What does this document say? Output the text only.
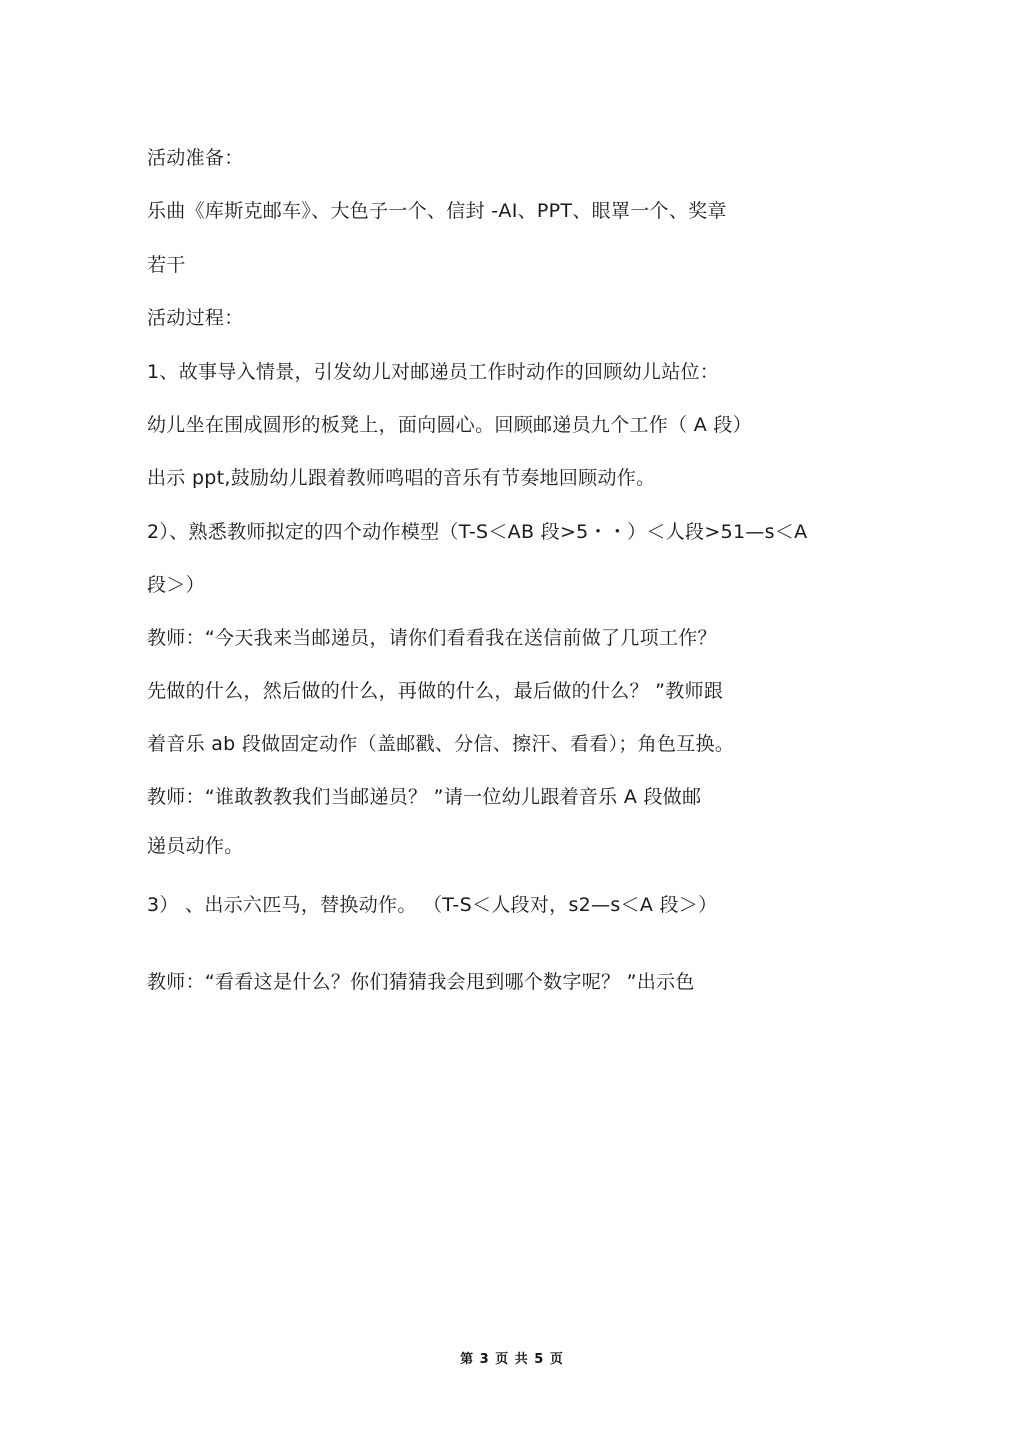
活动准备：
乐曲《库斯克邮车》、大色子一个、信封 -AI、PPT、眼罩一个、奖章
若干
活动过程：
1、故事导入情景，引发幼儿对邮递员工作时动作的回顾幼儿站位：
幼儿坐在围成圆形的板凳上，面向圆心。回顾邮递员九个工作（ A 段）
出示 ppt,鼓励幼儿跟着教师鸣唱的音乐有节奏地回顾动作。
2）、熟悉教师拟定的四个动作模型（T-S＜AB 段>5・・）＜人段>51—s＜A
段＞）
教师：“今天我来当邮递员，请你们看看我在送信前做了几项工作？
先做的什么，然后做的什么，再做的什么，最后做的什么？ ”教师跟
着音乐 ab 段做固定动作（盖邮戳、分信、擦汗、看看）；角色互换。
教师：“谁敢教教我们当邮递员？ ”请一位幼儿跟着音乐 A 段做邮
递员动作。
3） 、出示六匹马，替换动作。 （T-S＜人段对，s2—s＜A 段＞）
教师：“看看这是什么？你们猜猜我会甩到哪个数字呢？ ”出示色
第 3 页 共 5 页
